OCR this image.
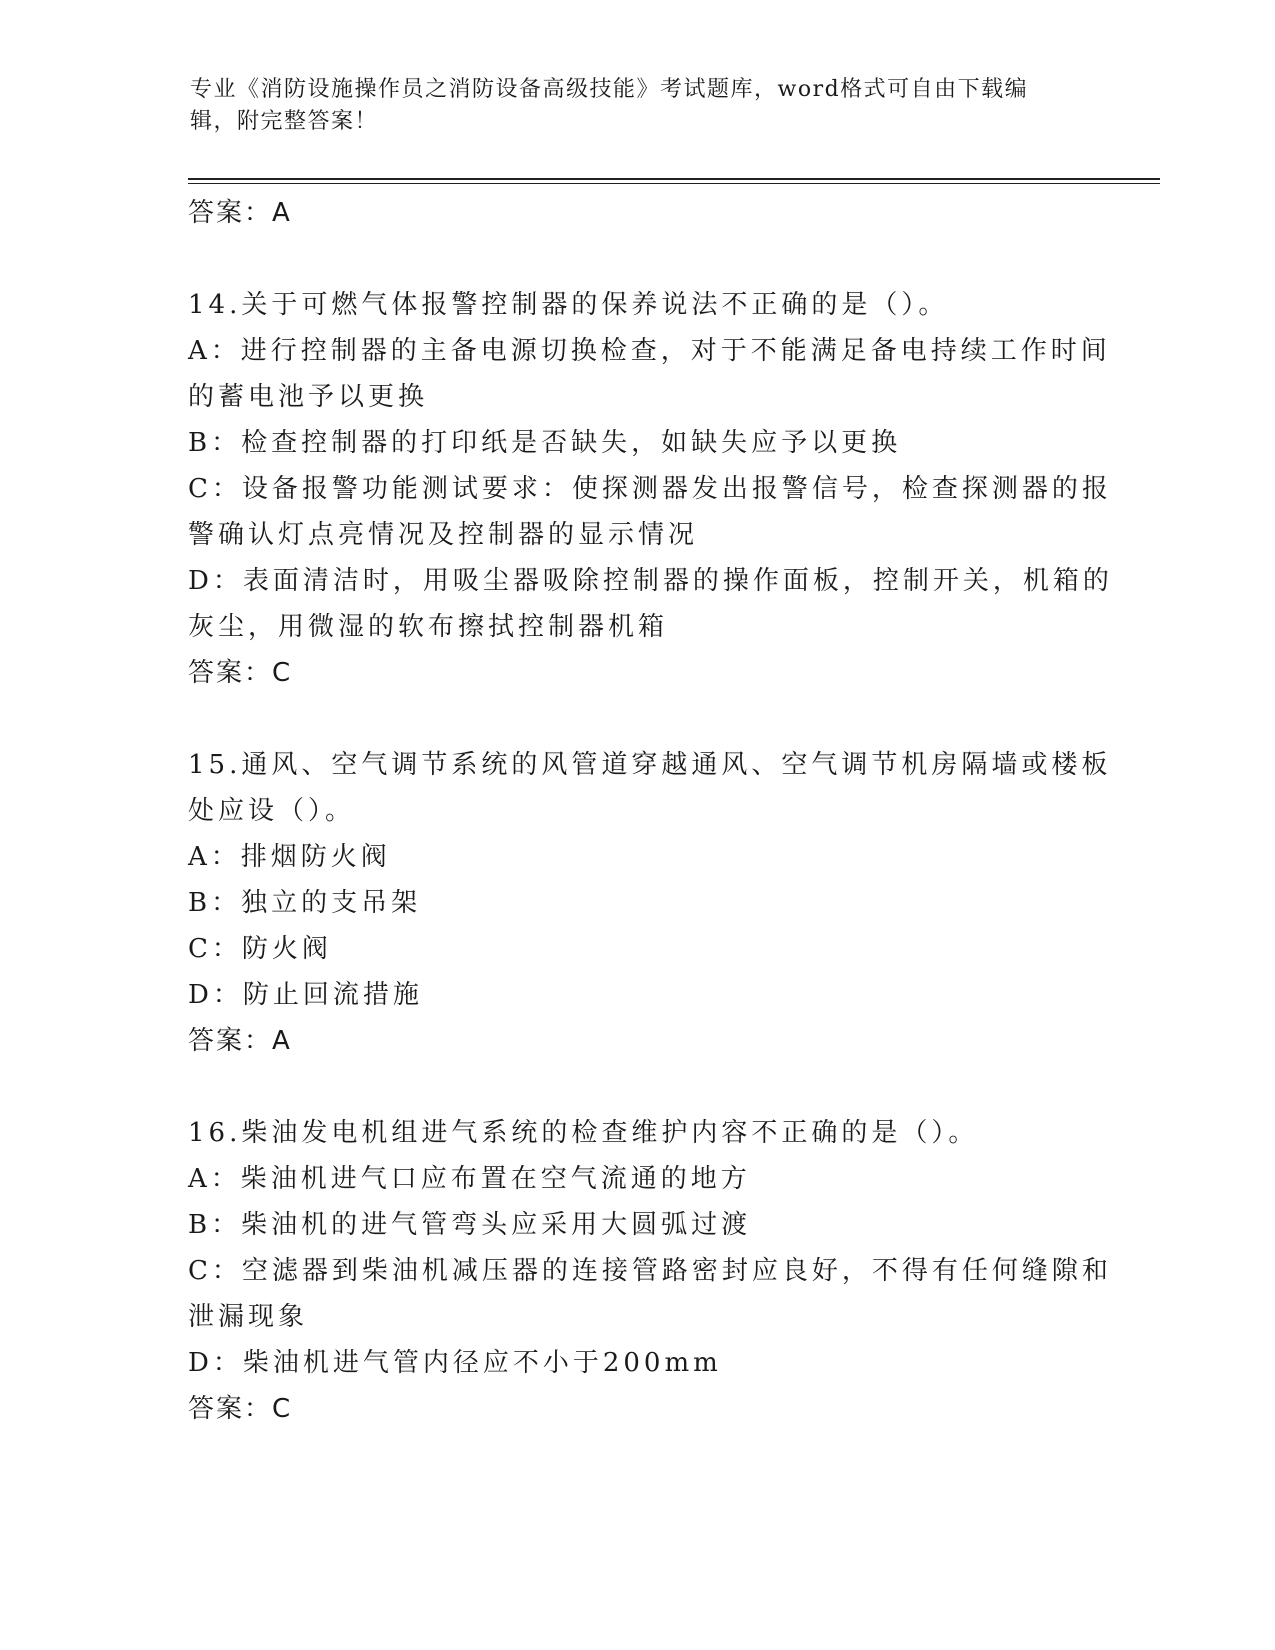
专业《消防设施操作员之消防设备高级技能》考试题库，word格式可自由下载编
辑，附完整答案！
答案：A
14.关于可燃气体报警控制器的保养说法不正确的是（）。
A：进行控制器的主备电源切换检查，对于不能满足备电持续工作时间
的蓄电池予以更换
B：检查控制器的打印纸是否缺失，如缺失应予以更换
C：设备报警功能测试要求：使探测器发出报警信号，检查探测器的报
警确认灯点亮情况及控制器的显示情况
D：表面清洁时，用吸尘器吸除控制器的操作面板，控制开关，机箱的
灰尘，用微湿的软布擦拭控制器机箱
答案：C
15.通风、空气调节系统的风管道穿越通风、空气调节机房隔墙或楼板
处应设（）。
A：排烟防火阀
B：独立的支吊架
C：防火阀
D：防止回流措施
答案：A
16.柴油发电机组进气系统的检查维护内容不正确的是（）。
A：柴油机进气口应布置在空气流通的地方
B：柴油机的进气管弯头应采用大圆弧过渡
C：空滤器到柴油机减压器的连接管路密封应良好，不得有任何缝隙和
泄漏现象
D：柴油机进气管内径应不小于200mm
答案：C
